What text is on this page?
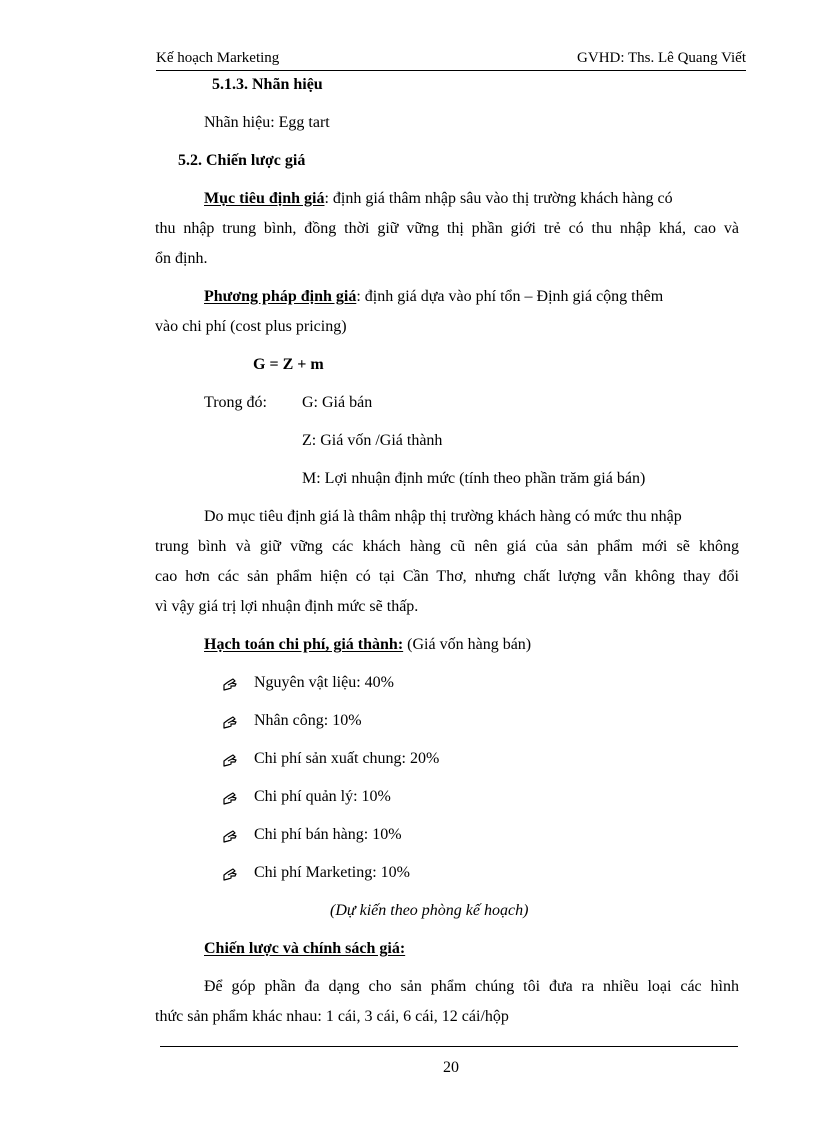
Kế hoạch Marketing	GVHD: Ths. Lê Quang Viết
5.1.3. Nhãn hiệu
Nhãn hiệu: Egg tart
5.2. Chiến lược giá
Mục tiêu định giá: định giá thâm nhập sâu vào thị trường khách hàng có
thu nhập trung bình, đồng thời giữ vững thị phần giới trẻ có thu nhập khá, cao và
ổn định.
Phương pháp định giá: định giá dựa vào phí tổn – Định giá cộng thêm
vào chi phí (cost plus pricing)
G = Z + m
Trong đó: G: Giá bán
Z: Giá vốn /Giá thành
M: Lợi nhuận định mức (tính theo phần trăm giá bán)
Do mục tiêu định giá là thâm nhập thị trường khách hàng có mức thu nhập
trung bình và giữ vững các khách hàng cũ nên giá của sản phẩm mới sẽ không
cao hơn các sản phẩm hiện có tại Cần Thơ, nhưng chất lượng vẫn không thay đổi
vì vậy giá trị lợi nhuận định mức sẽ thấp.
Hạch toán chi phí, giá thành: (Giá vốn hàng bán)
Nguyên vật liệu: 40%
Nhân công: 10%
Chi phí sản xuất chung: 20%
Chi phí quản lý: 10%
Chi phí bán hàng: 10%
Chi phí Marketing: 10%
(Dự kiến theo phòng kế hoạch)
Chiến lược và chính sách giá:
Để góp phần đa dạng cho sản phẩm chúng tôi đưa ra nhiều loại các hình
thức sản phẩm khác nhau: 1 cái, 3 cái, 6 cái, 12 cái/hộp
20
